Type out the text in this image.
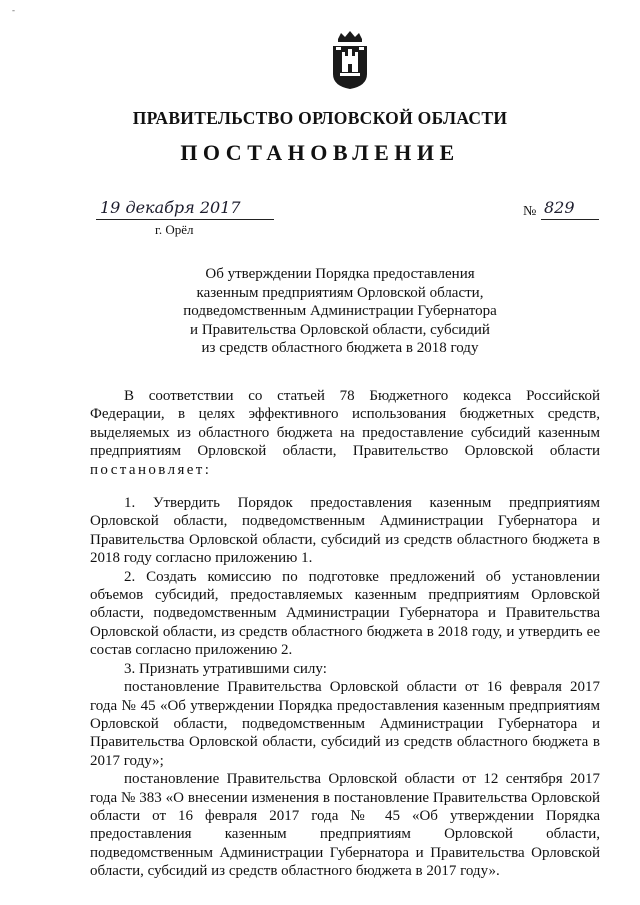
-
ПРАВИТЕЛЬСТВО ОРЛОВСКОЙ ОБЛАСТИ
ПОСТАНОВЛЕНИЕ
19 декабря 2017
г. Орёл
№ 829
Об утверждении Порядка предоставления
казенным предприятиям Орловской области,
подведомственным Администрации Губернатора
и Правительства Орловской области, субсидий
из средств областного бюджета в 2018 году

В соответствии со статьей 78 Бюджетного кодекса Российской Федерации, в целях эффективного использования бюджетных средств, выделяемых из областного бюджета на предоставление субсидий казенным предприятиям Орловской области, Правительство Орловской области постановляет:

1. Утвердить Порядок предоставления казенным предприятиям Орловской области, подведомственным Администрации Губернатора и Правительства Орловской области, субсидий из средств областного бюджета в 2018 году согласно приложению 1.

2. Создать комиссию по подготовке предложений об установлении объемов субсидий, предоставляемых казенным предприятиям Орловской области, подведомственным Администрации Губернатора и Правительства Орловской области, из средств областного бюджета в 2018 году, и утвердить ее состав согласно приложению 2.

3. Признать утратившими силу:

постановление Правительства Орловской области от 16 февраля 2017 года № 45 «Об утверждении Порядка предоставления казенным предприятиям Орловской области, подведомственным Администрации Губернатора и Правительства Орловской области, субсидий из средств областного бюджета в 2017 году»;

постановление Правительства Орловской области от 12 сентября 2017 года № 383 «О внесении изменения в постановление Правительства Орловской области от 16 февраля 2017 года № 45 «Об утверждении Порядка предоставления казенным предприятиям Орловской области, подведомственным Администрации Губернатора и Правительства Орловской области, субсидий из средств областного бюджета в 2017 году».
